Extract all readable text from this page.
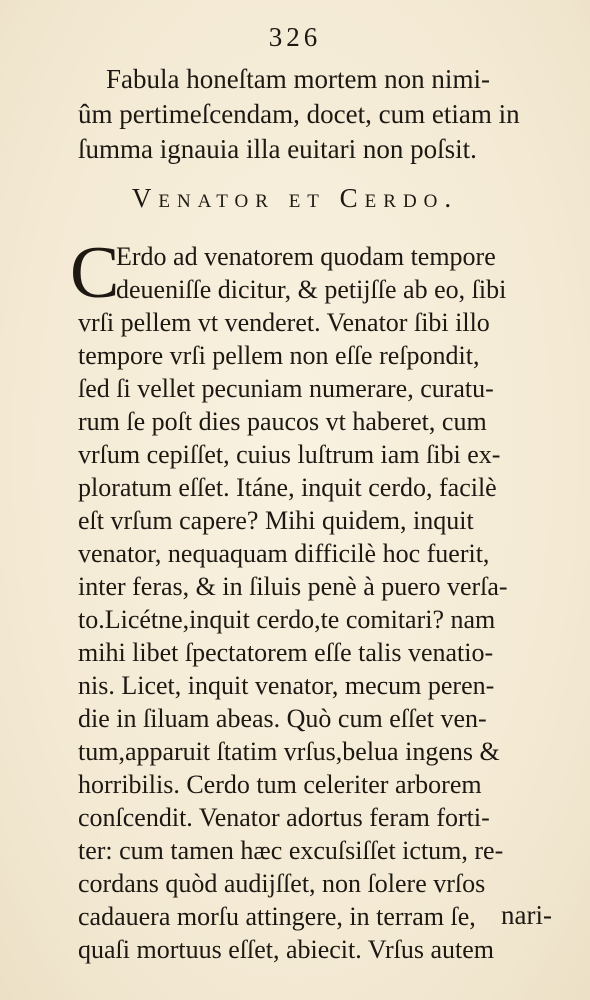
326
Fabula honeſtam mortem non nimi-
ûm pertimeſcendam, docet, cum etiam in
ſumma ignauia illa euitari non poſsit.
Venator et Cerdo.
C
Erdo ad venatorem quodam tempore
deueniſſe dicitur, & petijſſe ab eo, ſibi
vrſi pellem vt venderet. Venator ſibi illo
tempore vrſi pellem non eſſe reſpondit,
ſed ſi vellet pecuniam numerare, curatu-
rum ſe poſt dies paucos vt haberet, cum
vrſum cepiſſet, cuius luſtrum iam ſibi ex-
ploratum eſſet. Itáne, inquit cerdo, facilè
eſt vrſum capere? Mihi quidem, inquit
venator, nequaquam difficilè hoc fuerit,
inter feras, & in ſiluis penè à puero verſa-
to.Licétne,inquit cerdo,te comitari? nam
mihi libet ſpectatorem eſſe talis venatio-
nis. Licet, inquit venator, mecum peren-
die in ſiluam abeas. Quò cum eſſet ven-
tum,apparuit ſtatim vrſus,belua ingens &
horribilis. Cerdo tum celeriter arborem
conſcendit. Venator adortus feram forti-
ter: cum tamen hæc excuſsiſſet ictum, re-
cordans quòd audijſſet, non ſolere vrſos
cadauera morſu attingere, in terram ſe,
quaſi mortuus eſſet, abiecit. Vrſus autem
nari-
